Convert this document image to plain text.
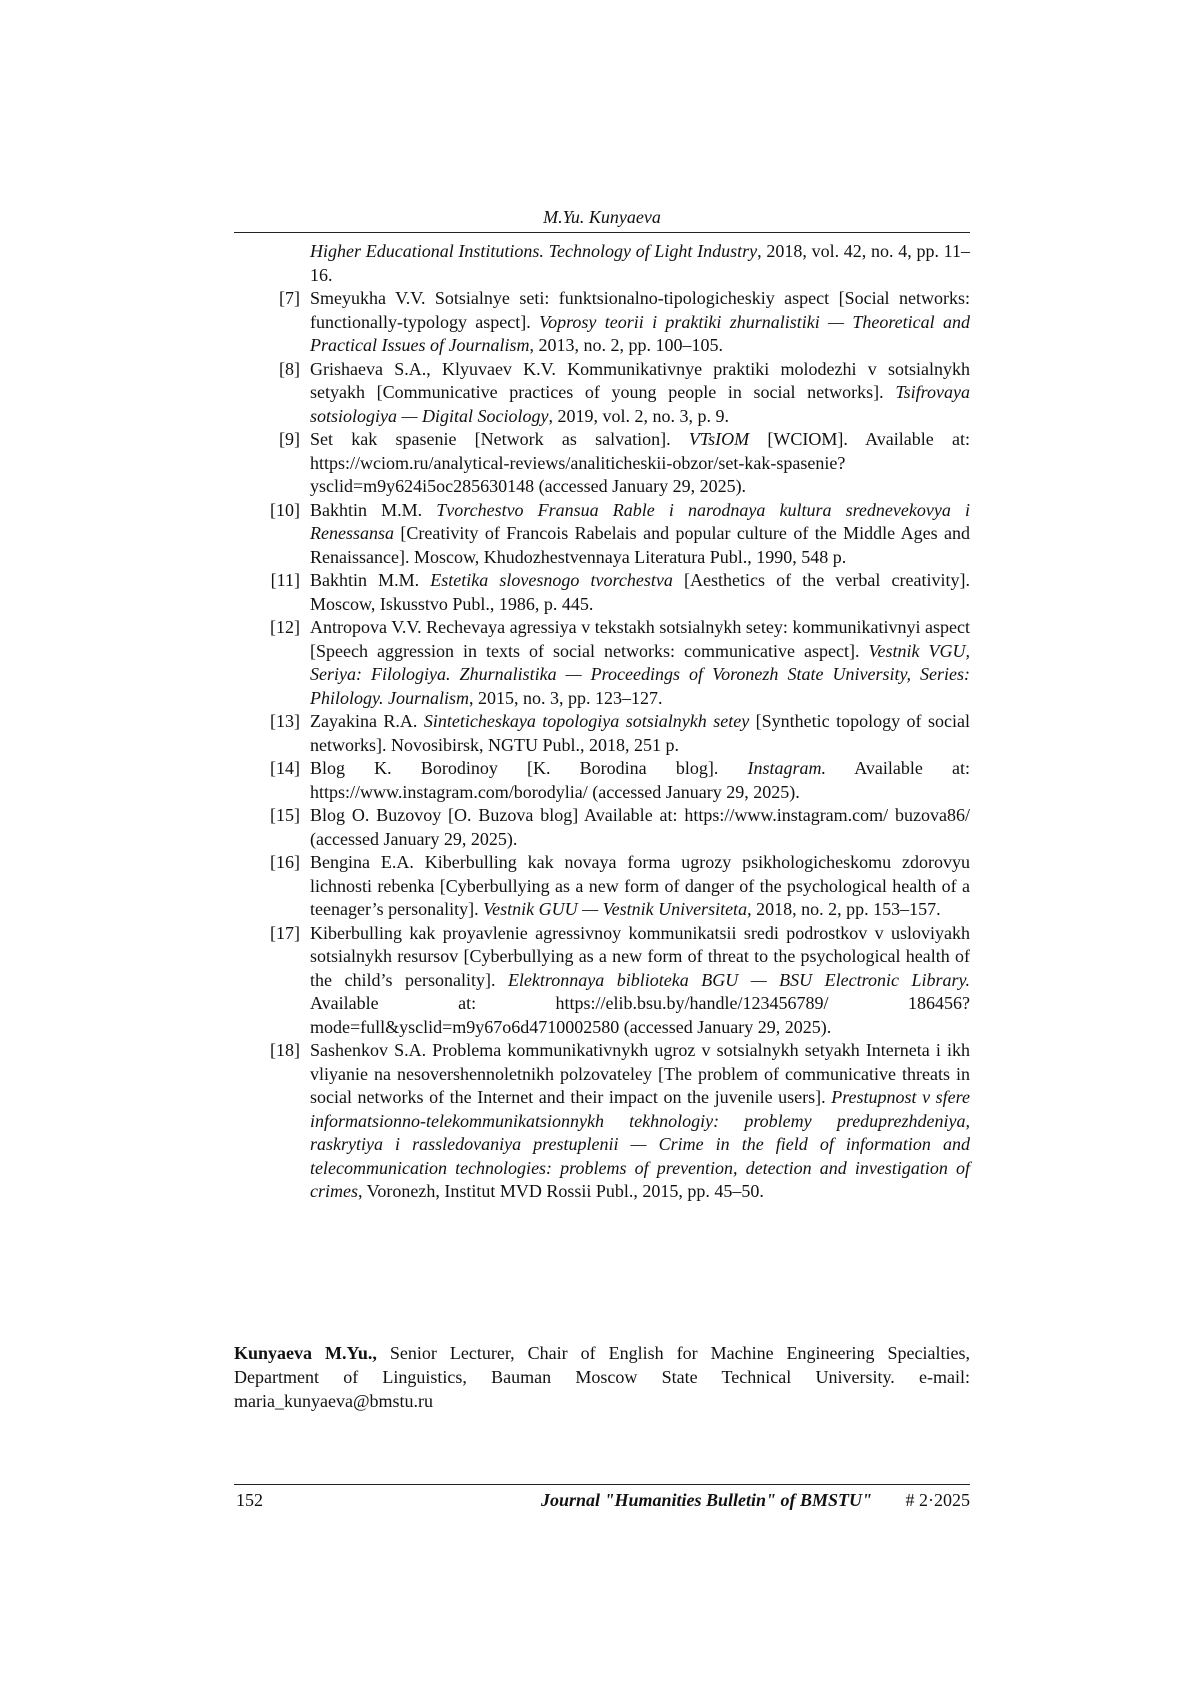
M.Yu. Kunyaeva

Higher Educational Institutions. Technology of Light Industry, 2018, vol. 42, no. 4, pp. 11–16.

[7] Smeyukha V.V. Sotsialnye seti: funktsionalno-tipologicheskiy aspect [Social networks: functionally-typology aspect]. Voprosy teorii i praktiki zhurnalistiki — Theoretical and Practical Issues of Journalism, 2013, no. 2, pp. 100–105.

[8] Grishaeva S.A., Klyuvaev K.V. Kommunikativnye praktiki molodezhi v sotsialnykh setyakh [Communicative practices of young people in social networks]. Tsifrovaya sotsiologiya — Digital Sociology, 2019, vol. 2, no. 3, p. 9.

[9] Set kak spasenie [Network as salvation]. VTsIOM [WCIOM]. Available at: https://wciom.ru/analytical-reviews/analiticheskii-obzor/set-kak-spasenie?ysclid=m9y624i5oc285630148 (accessed January 29, 2025).

[10] Bakhtin M.M. Tvorchestvo Fransua Rable i narodnaya kultura srednevekovya i Renessansa [Creativity of Francois Rabelais and popular culture of the Middle Ages and Renaissance]. Moscow, Khudozhestvennaya Literatura Publ., 1990, 548 p.

[11] Bakhtin M.M. Estetika slovesnogo tvorchestva [Aesthetics of the verbal creativity]. Moscow, Iskusstvo Publ., 1986, p. 445.

[12] Antropova V.V. Rechevaya agressiya v tekstakh sotsialnykh setey: kommunikativnyi aspect [Speech aggression in texts of social networks: communicative aspect]. Vestnik VGU, Seriya: Filologiya. Zhurnalistika — Proceedings of Voronezh State University, Series: Philology. Journalism, 2015, no. 3, pp. 123–127.

[13] Zayakina R.A. Sinteticheskaya topologiya sotsialnykh setey [Synthetic topology of social networks]. Novosibirsk, NGTU Publ., 2018, 251 p.

[14] Blog K. Borodinoy [K. Borodina blog]. Instagram. Available at: https://www.instagram.com/borodylia/ (accessed January 29, 2025).

[15] Blog O. Buzovoy [O. Buzova blog] Available at: https://www.instagram.com/ buzova86/ (accessed January 29, 2025).

[16] Bengina E.A. Kiberbulling kak novaya forma ugrozy psikhologicheskomu zdorovyu lichnosti rebenka [Cyberbullying as a new form of danger of the psychological health of a teenager’s personality]. Vestnik GUU — Vestnik Universiteta, 2018, no. 2, pp. 153–157.

[17] Kiberbulling kak proyavlenie agressivnoy kommunikatsii sredi podrostkov v usloviyakh sotsialnykh resursov [Cyberbullying as a new form of threat to the psychological health of the child’s personality]. Elektronnaya biblioteka BGU — BSU Electronic Library. Available at: https://elib.bsu.by/handle/123456789/ 186456?mode=full&ysclid=m9y67o6d4710002580 (accessed January 29, 2025).

[18] Sashenkov S.A. Problema kommunikativnykh ugroz v sotsialnykh setyakh Interneta i ikh vliyanie na nesovershennoletnikh polzovateley [The problem of communicative threats in social networks of the Internet and their impact on the juvenile users]. Prestupnost v sfere informatsionno-telekommunikatsionnykh tekhnologiy: problemy preduprezhdeniya, raskrytiya i rassledovaniya prestuplenii — Crime in the field of information and telecommunication technologies: problems of prevention, detection and investigation of crimes, Voronezh, Institut MVD Rossii Publ., 2015, pp. 45–50.

Kunyaeva M.Yu., Senior Lecturer, Chair of English for Machine Engineering Specialties, Department of Linguistics, Bauman Moscow State Technical University. e-mail: maria_kunyaeva@bmstu.ru
152	Journal "Humanities Bulletin" of BMSTU" # 2·2025
